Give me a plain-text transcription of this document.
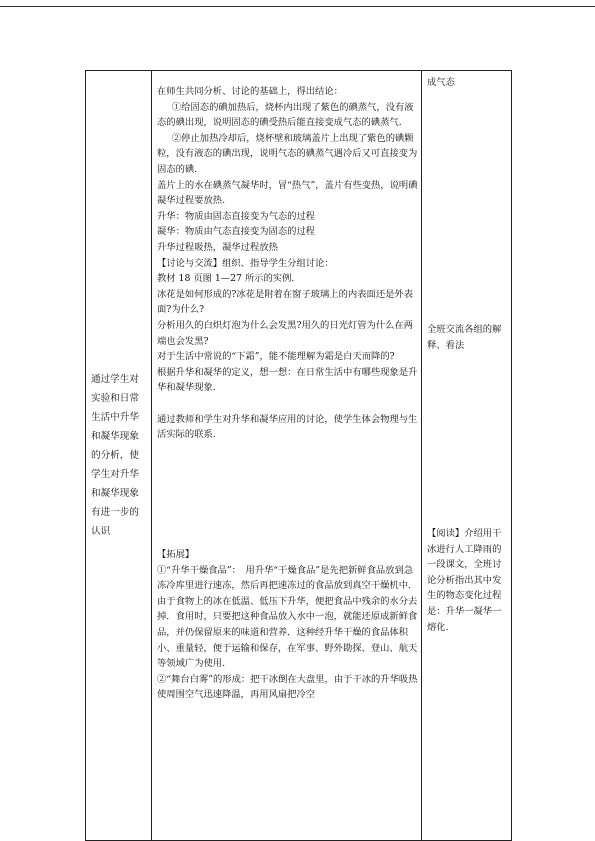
通过学生对实验和日常生活中升华和凝华现象的分析，使学生对升华和凝华现象有进一步的认识

在师生共同分析、讨论的基础上，得出结论：

①给固态的碘加热后，烧杯内出现了紫色的碘蒸气，没有液态的碘出现，说明固态的碘受热后能直接变成气态的碘蒸气.

②停止加热冷却后，烧杯壁和玻璃盖片上出现了紫色的碘颗粒，没有液态的碘出现，说明气态的碘蒸气遇冷后又可直接变为固态的碘.

盖片上的水在碘蒸气凝华时，冒“热气”，盖片有些变热，说明碘凝华过程要放热.

升华：物质由固态直接变为气态的过程

凝华：物质由气态直接变为固态的过程

升华过程吸热，凝华过程放热

【讨论与交流】组织、指导学生分组讨论：

教材 18 页图 1—27 所示的实例.

冰花是如何形成的?冰花是附着在窗子玻璃上的内表面还是外表面?为什么?

分析用久的白炽灯泡为什么会发黑?用久的日光灯管为什么在两端也会发黑?

对于生活中常说的“下霜”，能不能理解为霜是白天而降的?

根据升华和凝华的定义，想一想：在日常生活中有哪些现象是升华和凝华现象.

通过教师和学生对升华和凝华应用的讨论，使学生体会物理与生活实际的联系.

【拓展】

①“升华干燥食品”：　用升华“干燥食品”是先把新鲜食品放到急冻冷库里进行速冻，然后再把速冻过的食品放到真空干燥机中．　由于食物上的冰在低温、低压下升华，便把食品中残余的水分去掉．食用时，只要把这种食品放入水中一泡，就能还原成新鲜食品，并仍保留原来的味道和营养．这种经升华干燥的食品体积小、重量轻，便于运输和保存，在军事、野外勘探、登山、航天等领域广为使用.

②“舞台白雾”的形成：把干冰倒在大盘里，由于干冰的升华吸热使周围空气迅速降温，再用风扇把冷空

成气态

全班交流各组的解释、看法

【阅读】介绍用干冰进行人工降雨的一段课文，全班讨论分析指出其中发生的物态变化过程是：升华一凝华一熔化.
